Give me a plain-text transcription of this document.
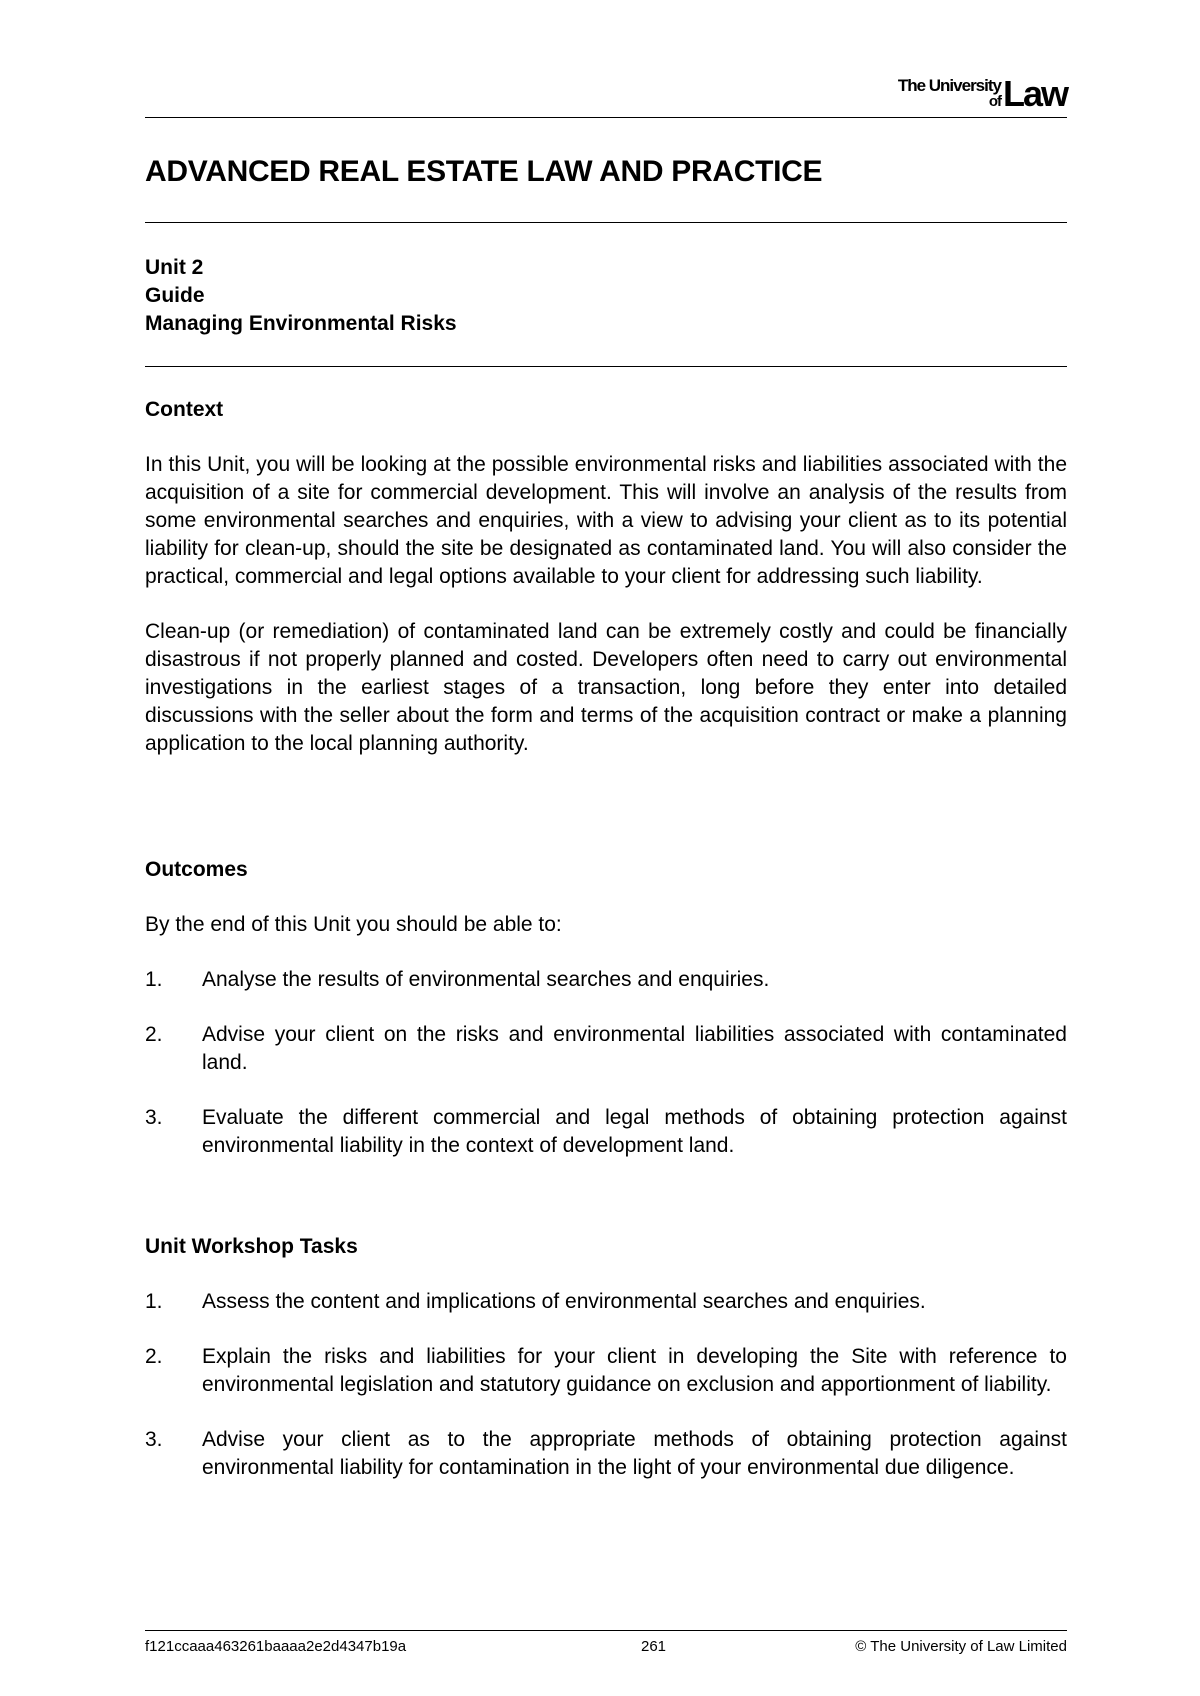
The University
of Law
ADVANCED REAL ESTATE LAW AND PRACTICE
Unit 2
Guide
Managing Environmental Risks
Context

In this Unit, you will be looking at the possible environmental risks and liabilities associated with the acquisition of a site for commercial development. This will involve an analysis of the results from some environmental searches and enquiries, with a view to advising your client as to its potential liability for clean-up, should the site be designated as contaminated land. You will also consider the practical, commercial and legal options available to your client for addressing such liability.

Clean-up (or remediation) of contaminated land can be extremely costly and could be financially disastrous if not properly planned and costed. Developers often need to carry out environmental investigations in the earliest stages of a transaction, long before they enter into detailed discussions with the seller about the form and terms of the acquisition contract or make a planning application to the local planning authority.

Outcomes

By the end of this Unit you should be able to:

1. Analyse the results of environmental searches and enquiries.
2. Advise your client on the risks and environmental liabilities associated with contaminated land.
3. Evaluate the different commercial and legal methods of obtaining protection against environmental liability in the context of development land.
Unit Workshop Tasks
1. Assess the content and implications of environmental searches and enquiries.
2. Explain the risks and liabilities for your client in developing the Site with reference to environmental legislation and statutory guidance on exclusion and apportionment of liability.
3. Advise your client as to the appropriate methods of obtaining protection against environmental liability for contamination in the light of your environmental due diligence.
f121ccaaa463261baaaa2e2d4347b19a	261	© The University of Law Limited
